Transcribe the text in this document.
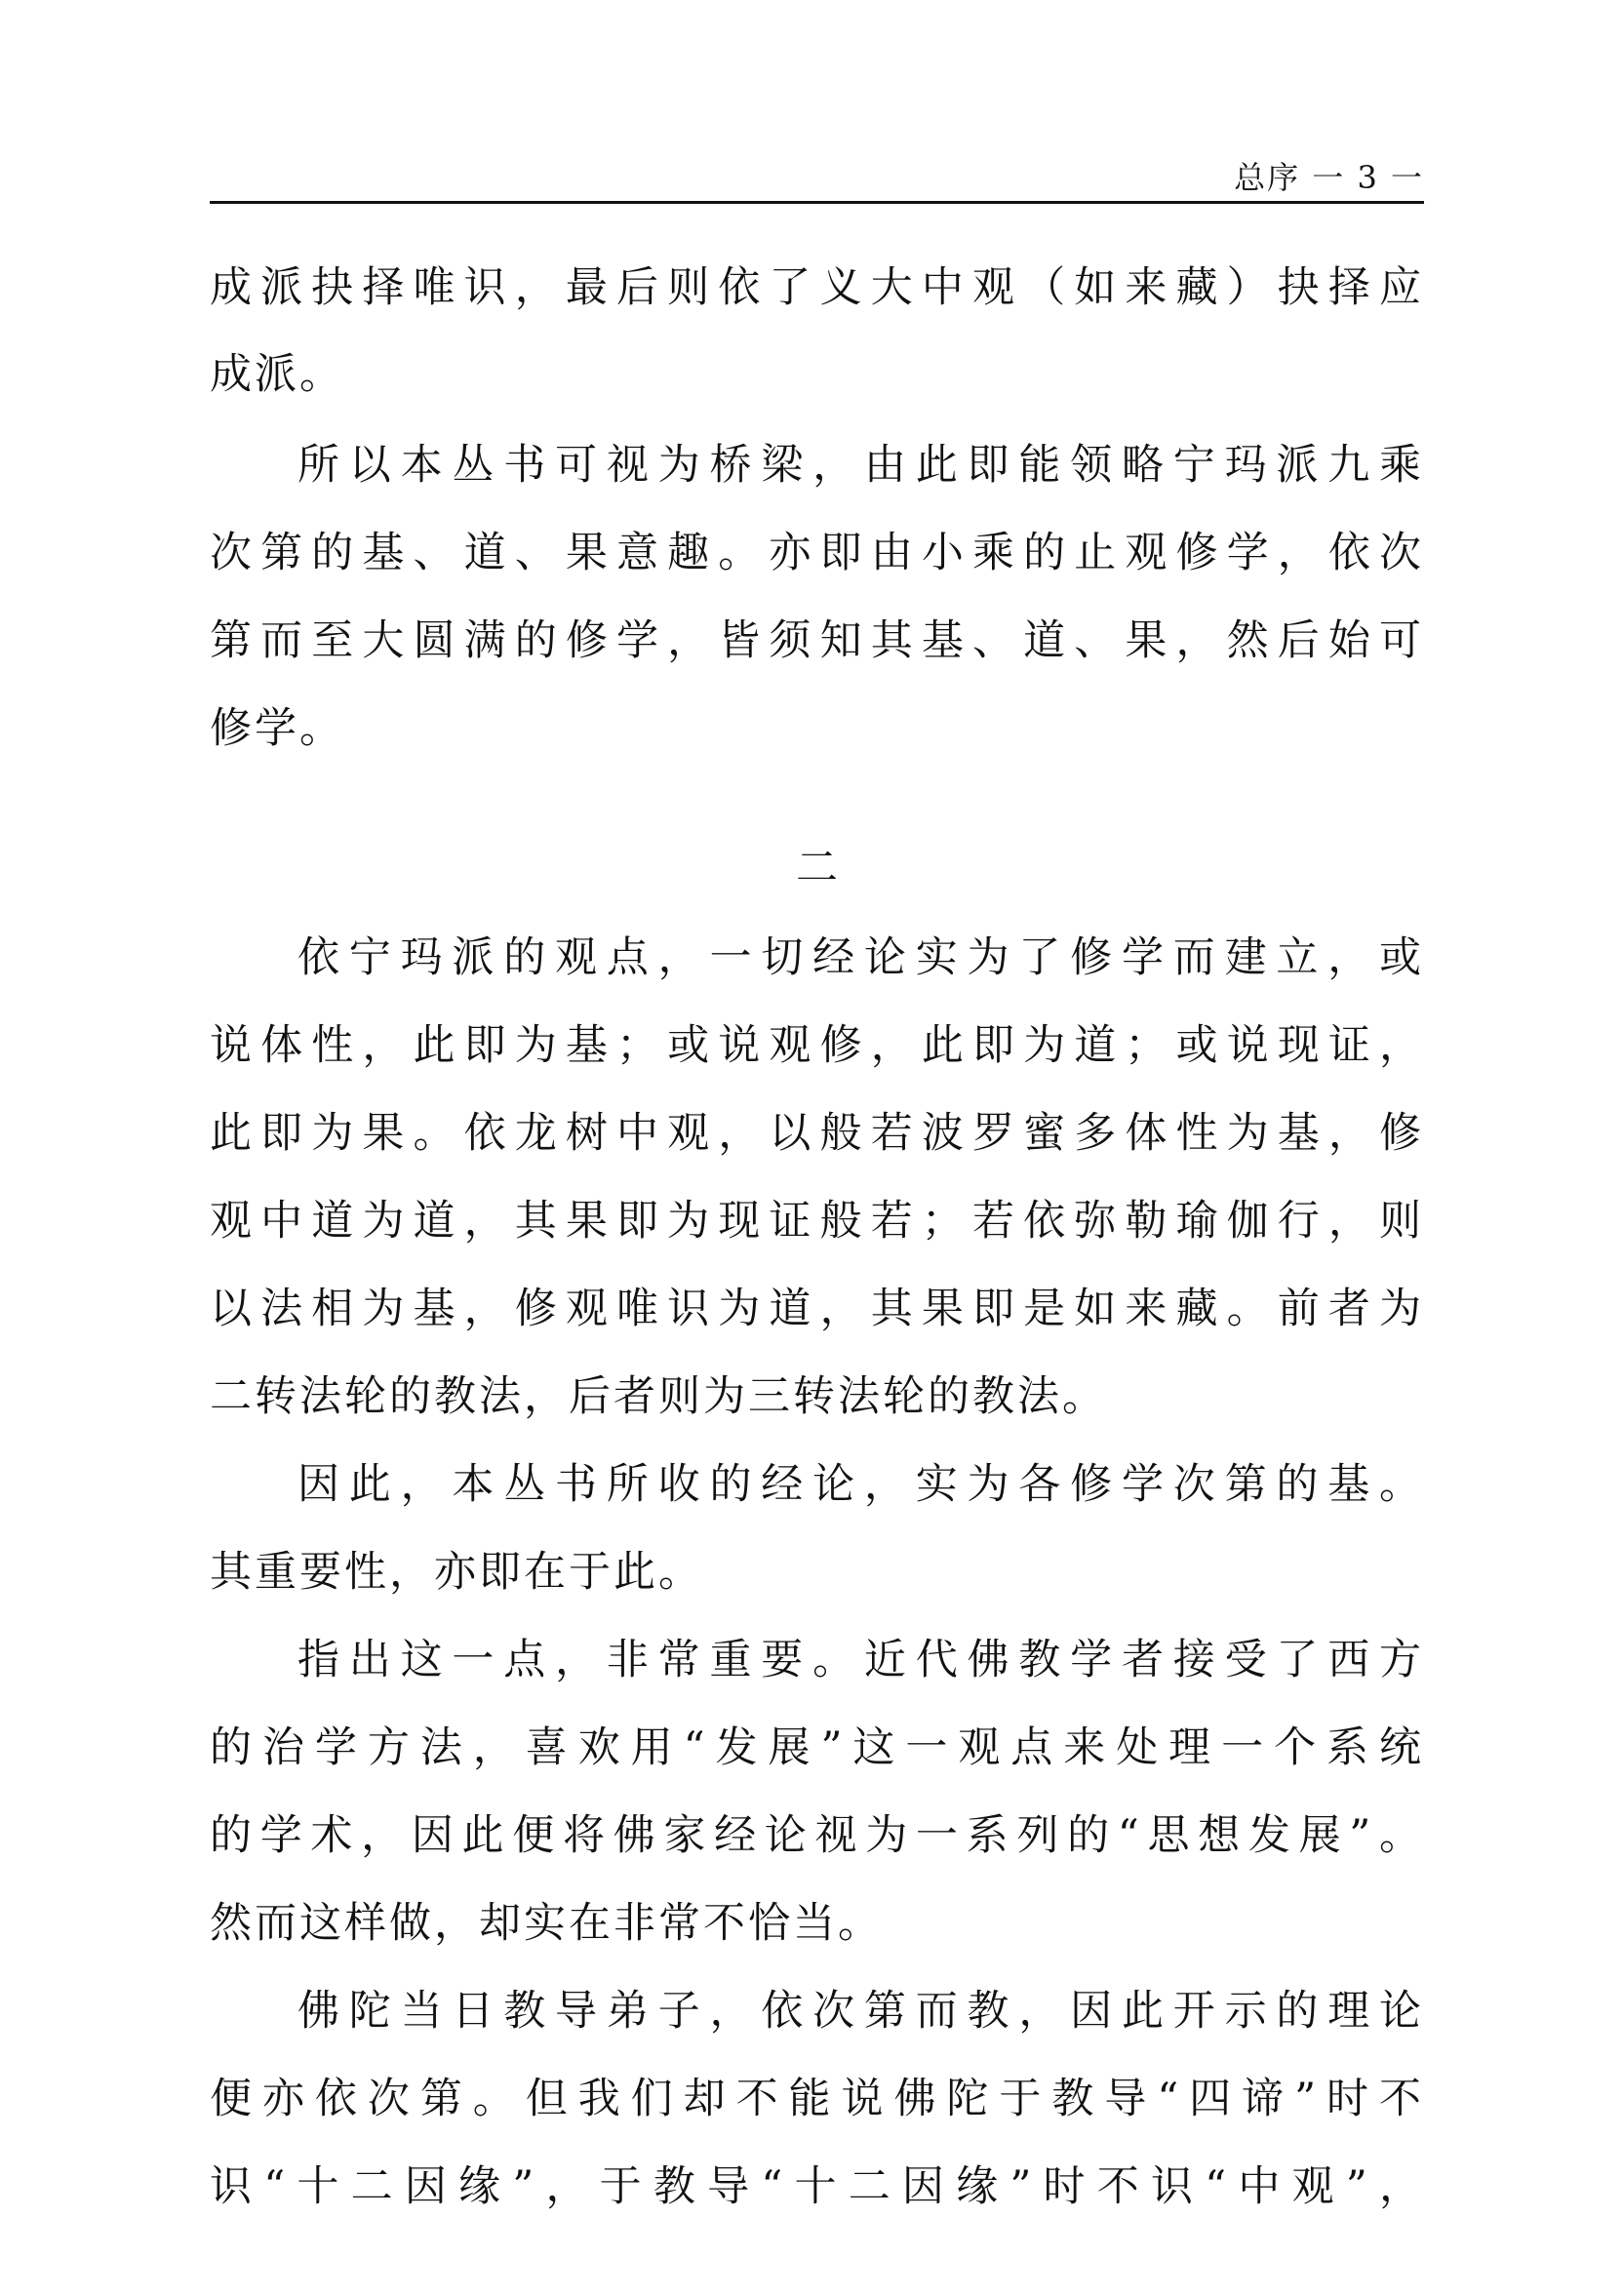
总序 一 3 一
成派抉择唯识，最后则依了义大中观（如来藏）抉择应
成派。
所以本丛书可视为桥梁，由此即能领略宁玛派九乘
次第的基、道、果意趣。亦即由小乘的止观修学，依次
第而至大圆满的修学，皆须知其基、道、果，然后始可
修学。
二
依宁玛派的观点，一切经论实为了修学而建立，或
说体性，此即为基；或说观修，此即为道；或说现证，
此即为果。依龙树中观，以般若波罗蜜多体性为基，修
观中道为道，其果即为现证般若；若依弥勒瑜伽行，则
以法相为基，修观唯识为道，其果即是如来藏。前者为
二转法轮的教法，后者则为三转法轮的教法。
因此，本丛书所收的经论，实为各修学次第的基。
其重要性，亦即在于此。
指出这一点，非常重要。近代佛教学者接受了西方
的治学方法，喜欢用“发展”这一观点来处理一个系统
的学术，因此便将佛家经论视为一系列的“思想发展”。
然而这样做，却实在非常不恰当。
佛陀当日教导弟子，依次第而教，因此开示的理论
便亦依次第。但我们却不能说佛陀于教导“四谛”时不
识“十二因缘”，于教导“十二因缘”时不识“中观”，
